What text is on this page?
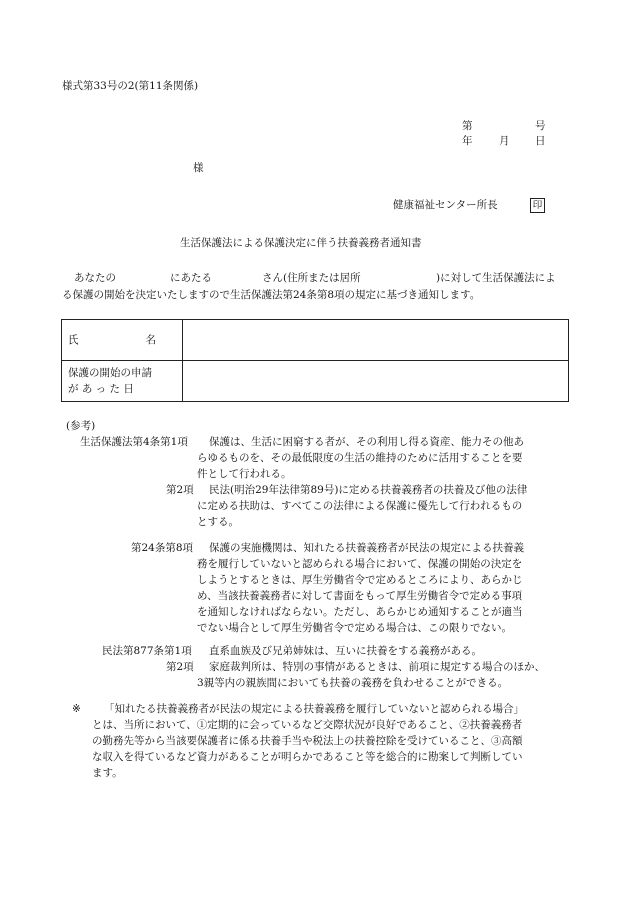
様式第33号の2(第11条関係)
第	号
年	月 日
様
健康福祉センター所長	印
生活保護法による保護決定に伴う扶養義務者通知書
あなたの	にあたる	さん(住所または居所	)に対して生活保護法によ
る保護の開始を決定いたしますので生活保護法第24条第8項の規定に基づき通知します。
氏 名	

保護の開始の申請
が あ っ た 日	

(参考)
生活保護法第4条第1項 保護は、生活に困窮する者が、その利用し得る資産、能力その他あ
らゆるものを、その最低限度の生活の維持のために活用することを要
件として行われる。
第2項 民法(明治29年法律第89号)に定める扶養義務者の扶養及び他の法律
に定める扶助は、すべてこの法律による保護に優先して行われるもの
とする。
第24条第8項 保護の実施機関は、知れたる扶養義務者が民法の規定による扶養義
務を履行していないと認められる場合において、保護の開始の決定を
しようとするときは、厚生労働省令で定めるところにより、あらかじ
め、当該扶養義務者に対して書面をもって厚生労働省令で定める事項
を通知しなければならない。ただし、あらかじめ通知することが適当
でない場合として厚生労働省令で定める場合は、この限りでない。
民法第877条第1項 直系血族及び兄弟姉妹は、互いに扶養をする義務がある。
第2項 家庭裁判所は、特別の事情があるときは、前項に規定する場合のほか、
3親等内の親族間においても扶養の義務を負わせることができる。
※ 「知れたる扶養義務者が民法の規定による扶養義務を履行していないと認められる場合」
とは、当所において、①定期的に会っているなど交際状況が良好であること、②扶養義務者
の勤務先等から当該要保護者に係る扶養手当や税法上の扶養控除を受けていること、③高額
な収入を得ているなど資力があることが明らかであること等を総合的に勘案して判断してい
ます。
